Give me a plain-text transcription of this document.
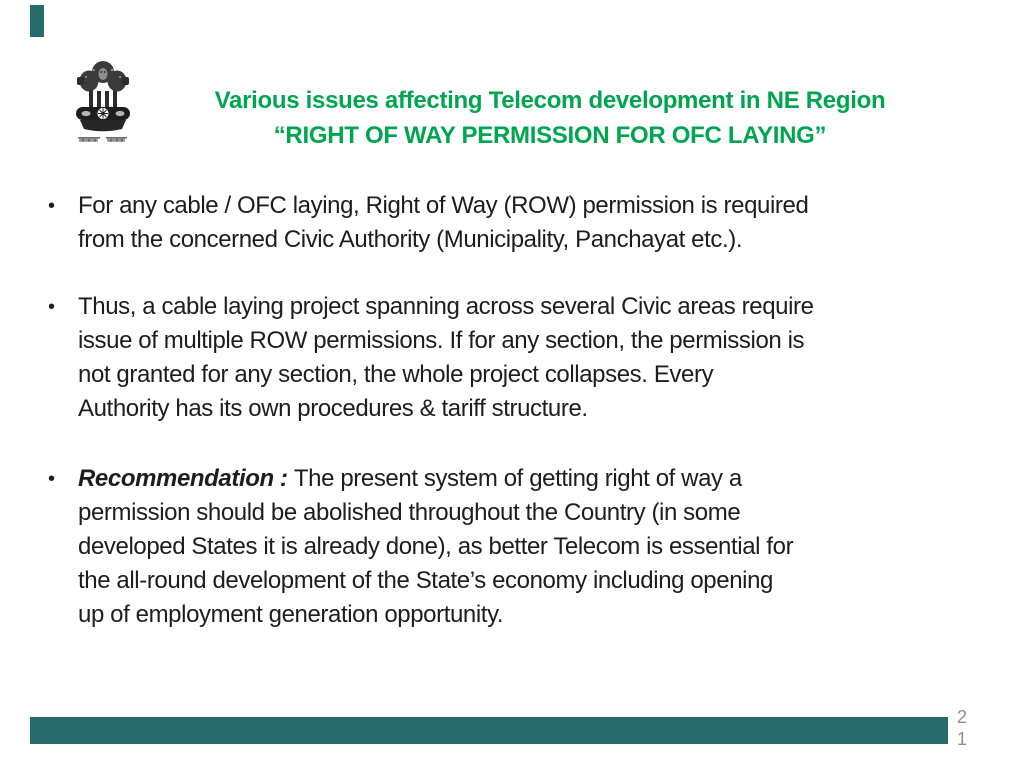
Various issues affecting Telecom development in NE Region
“RIGHT OF WAY PERMISSION FOR OFC LAYING”
• For any cable / OFC laying, Right of Way (ROW) permission is required
from the concerned Civic Authority (Municipality, Panchayat etc.).

• Thus, a cable laying project spanning across several Civic areas require
issue of multiple ROW permissions. If for any section, the permission is
not granted for any section, the whole project collapses. Every
Authority has its own procedures & tariff structure.

• Recommendation : The present system of getting right of way a
permission should be abolished throughout the Country (in some
developed States it is already done), as better Telecom is essential for
the all-round development of the State’s economy including opening
up of employment generation opportunity.

2
1
